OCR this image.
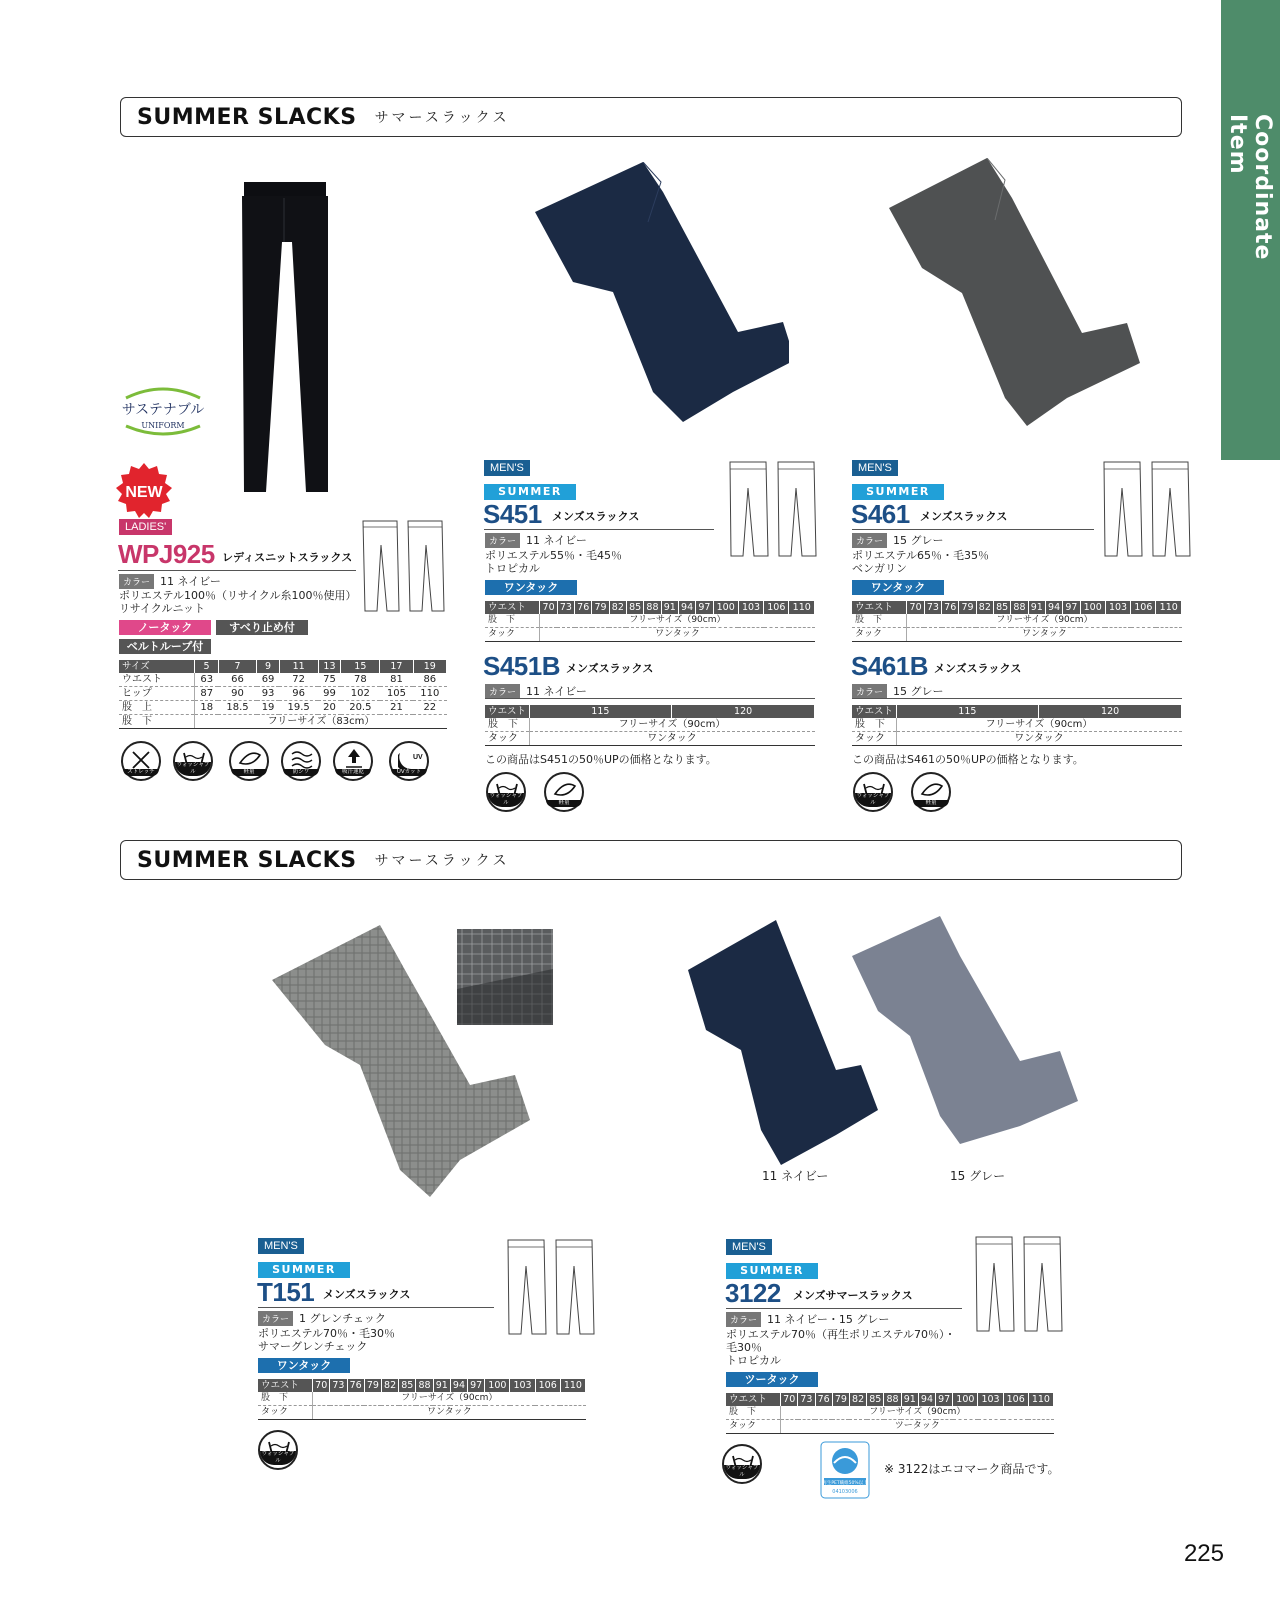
Coordinate Item
SUMMER SLACKS サマースラックス
SUMMER SLACKS サマースラックス
サステナブル
UNIFORM
NEW
LADIES'
WPJ925 レディスニットスラックス
カラー 11 ネイビー
ポリエステル100％（リサイクル糸100％使用）
リサイクルニット
ノータック	すべり止め付
ベルトループ付
サイズ	5	7	9	11	13	15	17	19
ウエスト	63	66	69	72	75	78	81	86
ヒップ	87	90	93	96	99	102	105	110
股　上	18	18.5	19	19.5	20	20.5	21	22
股　下	フリーサイズ（83cm）							
ストレッチ
ウォッシャブル	軽量	防シワ	吸汗速乾
UV
UVカット
MEN'S
SUMMER
S451 メンズスラックス
カラー 11 ネイビー
ポリエステル55％・毛45％
トロピカル
ワンタック
ウエスト	70	73	76	79	82	85	88	91	94	97	100	103	106	110
股　下	フリーサイズ（90cm）													
タック	ワンタック													
S451B メンズスラックス
カラー 11 ネイビー
ウエスト	115	120
股　下	フリーサイズ（90cm）	
タック	ワンタック	
この商品はS451の50％UPの価格となります。
ウォッシャブル	軽量
MEN'S
SUMMER
S461 メンズスラックス
カラー 15 グレー
ポリエステル65％・毛35％
ベンガリン
ワンタック
ウエスト	70	73	76	79	82	85	88	91	94	97	100	103	106	110
股　下	フリーサイズ（90cm）													
タック	ワンタック													
S461B メンズスラックス
カラー 15 グレー
ウエスト	115	120
股　下	フリーサイズ（90cm）	
タック	ワンタック	
この商品はS461の50％UPの価格となります。
ウォッシャブル	軽量
MEN'S
SUMMER
T151 メンズスラックス
カラー 1 グレンチェック
ポリエステル70％・毛30％
サマーグレンチェック
ワンタック
ウエスト	70	73	76	79	82	85	88	91	94	97	100	103	106	110
股　下	フリーサイズ（90cm）													
タック	ワンタック													
ウォッシャブル
11 ネイビー	15 グレー
MEN'S
SUMMER
3122 メンズサマースラックス
カラー 11 ネイビー・15 グレー
ポリエステル70％（再生ポリエステル70％）・
毛30％
トロピカル
ツータック
ウエスト	70	73	76	79	82	85	88	91	94	97	100	103	106	110
股　下	フリーサイズ（90cm）													
タック	ツータック													
ウォッシャブル
再生PET繊維50%以上
04103006
※ 3122はエコマーク商品です。
225
